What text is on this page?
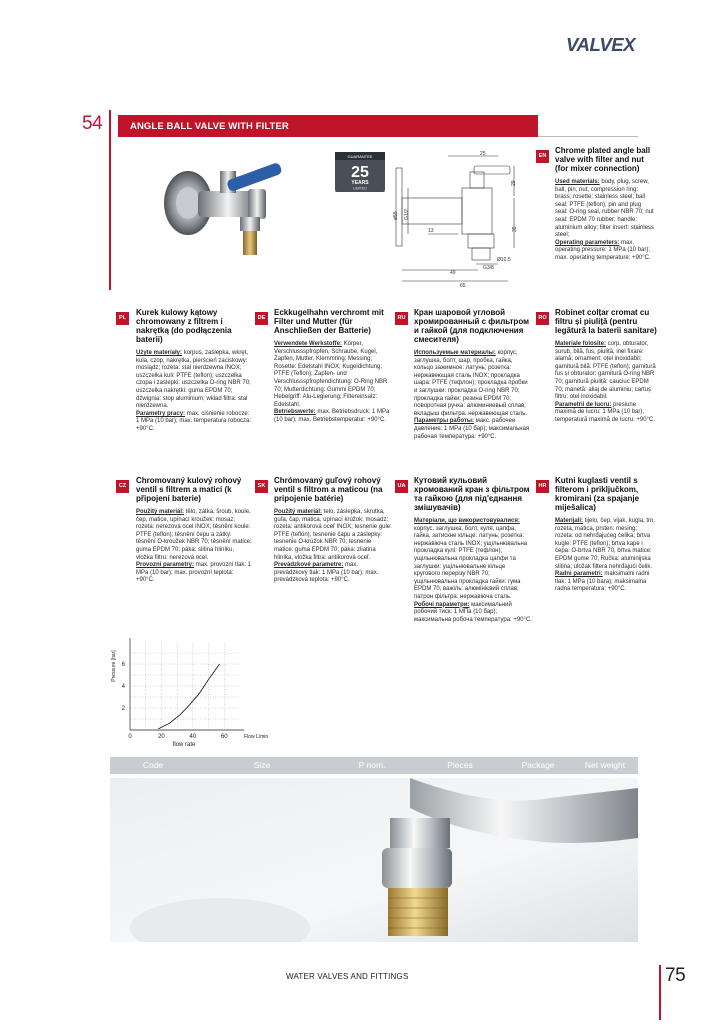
VALVEX
54	ANGLE BALL VALVE WITH FILTER
GUARANTEE
25
YEARS
LIMITED
25
29
ø55 G1/2
13	35
Ø10.5
G3/8
49
65
EN
Chrome plated angle ball valve with filter and nut (for mixer connection)

Used materials: body, plug, screw, ball, pin, nut, compression ring: brass; rosette: stainless steel; ball seal: PTFE (teflon); pin and plug seal: O-ring seal, rubber NBR 70; nut seal: EPDM 70 rubber; handle: aluminium alloy; filter insert: stainless steel;

Operating parameters: max. operating pressure: 1 MPa (10 bar); max. operating temperature: +90°C.

PL
Kurek kulowy kątowy chromowany z filtrem i nakrętką (do podłączenia baterii)

Użyte materiały: korpus, zaślepka, wkręt, kula, czop, nakrętka, pierścień zaciskowy: mosiądz; rozeta: stal nierdzewna INOX; uszczelka kuli: PTFE (teflon); uszczelka czopa i zaślepki: uszczelka O-ring NBR 70; uszczelka nakrętki: guma EPDM 70; dźwignia: stop aluminium; wkład filtra: stal nierdzewna.

Parametry pracy: max. ciśnienie robocze: 1 MPa (10 bar); max. temperatura robocza: +90°C.

DE
Eckkugelhahn verchromt mit Filter und Mutter (für Anschließen der Batterie)

Verwendete Werkstoffe: Körper, Verschlussspfropfen, Schraube, Kugel, Zapfen, Mutter, Klemmring: Messing; Rosette: Edelstahl INOX; Kugeldichtung: PTFE (Teflon); Zapfen- und Verschlussspfropfendichtung: O-Ring NBR 70; Mutterdichtung: Gummi EPDM 70; Hebelgriff: Alu-Legierung; Filtereinsatz: Edelstahl.

Betriebswerte: max. Betriebsdruck: 1 MPa (10 bar); max. Betriebstemperatur: +90°C.

RU
Кран шаровой угловой хромированный с фильтром и гайкой (для подключения смесителя)

Используемые материалы: корпус, заглушка, болт, шар, пробка, гайка, кольцо зажимное: латунь; розетка: нержавеющая сталь INOX; прокладка шара: PTFE (тефлон); прокладка пробки и заглушки: прокладка O-ring NBR 70; прокладка гайки: резина EPDM 70; поворотная ручка: алюминиевый сплав; вкладыш фильтра: нержавеющая сталь.

Параметры работы: макс. рабочее давление: 1 MPa (10 бар); максимальная рабочая температура: +90°C.

RO
Robinet colțar cromat cu filtru și piuliță (pentru legătură la baterii sanitare)

Materiale folosite: corp, obturator, șurub, bilă, fus, piuliță, inel fixare: alamă; ornament: oțel inoxidabil; garnitură bilă: PTFE (teflon); garnitură fus și obturator: garnitură O-ring NBR 70; garnitură piuliță: cauciuc EPDM 70; manetă: aliaj de aluminiu; cartuș filtru: oțel inoxidabil.

Parametrii de lucru: presiune maximă de lucru: 1 MPa (10 bar); temperatură maximă de lucru: +90°C.

CZ
Chromovaný kulový rohový ventil s filtrem a maticí (k připojení baterie)

Použitý materiál: tělo, zátka, šroub, koule, čep, matice, upínací kroužek: mosaz; rozeta: nerezová ocel INOX; těsnění koule: PTFE (teflon); těsnění čepu a zátky: těsnění O-kroužek NBR 70; těsnění matice: guma EPDM 70; páka: slitina hliníku, vložka filtru: nerezová ocel.

Provozní parametry: max. provozní tlak: 1 MPa (10 bar); max. provozní teplota: +90°C.

SK
Chrómovaný guľový rohový ventil s filtrom a maticou (na pripojenie batérie)

Použitý materiál: telo, záslepka, skrutka, guľa, čap, matica, upínací krúžok: mosadz; rozeta: antikorová oceľ INOX; tesnenie gule: PTFE (teflón); tesnenie čapu a záslepky: tesnenie O-krúžok NBR 70; tesnenie matice: guma EPDM 70; páka: zliatina hliníka, vložka filtra: antikorová oceľ.

Prevádzkové parametre: max. prevádzkový tlak: 1 MPa (10 bar); max. prevádzková teplota: +90°C.

UA
Кутовий кульовий хромований кран з фільтром та гайкою (для під'єднання змішувачів)

Матеріали, що використовувалися: корпус, заглушка, болт, куля, цапфа, гайка, затискне кільце: латунь; розетка: нержавіюча сталь INOX; ущільнювальна прокладка кулі: PTFE (тефлон); ущільнювальна прокладка цапфи та заглушки: ущільнювальне кільце кругового перерізу NBR 70; ущільнювальна прокладка гайки: гума EPDM 70, важіль: алюмінієвий сплав; патрон фільтра: нержавіюча сталь.

Робочі параметри: максимальний робочий тиск: 1 МПа (10 бар); максимальна робоча температура: +90°C.

HR
Kutni kuglasti ventil s filterom i priključkom, kromirani (za spajanje miješalica)

Materijali: tijelo, čep, vijak, kugla, trn, rozeta, matica, prsten: mesing; rozeta: od nehrđajućeg čelika; brtva kugle: PTFE (teflon); brtva kape i čepa: O-brtva NBR 70, brtva matice: EPDM gume 70; Ručka: aluminijska slitina; uložak filtera nehrđajući čelik.

Radni parametri: maksimalni radni tlak: 1 MPa (10 bara); maksimalna radna temperatura: +90°C.

0	20	40	60
2
4
6
Pressure [bar]
flow rate
Flow L/min
Code	Size	P nom.	Pieces	Package	Net weight
WATER VALVES AND FITTINGS	75
